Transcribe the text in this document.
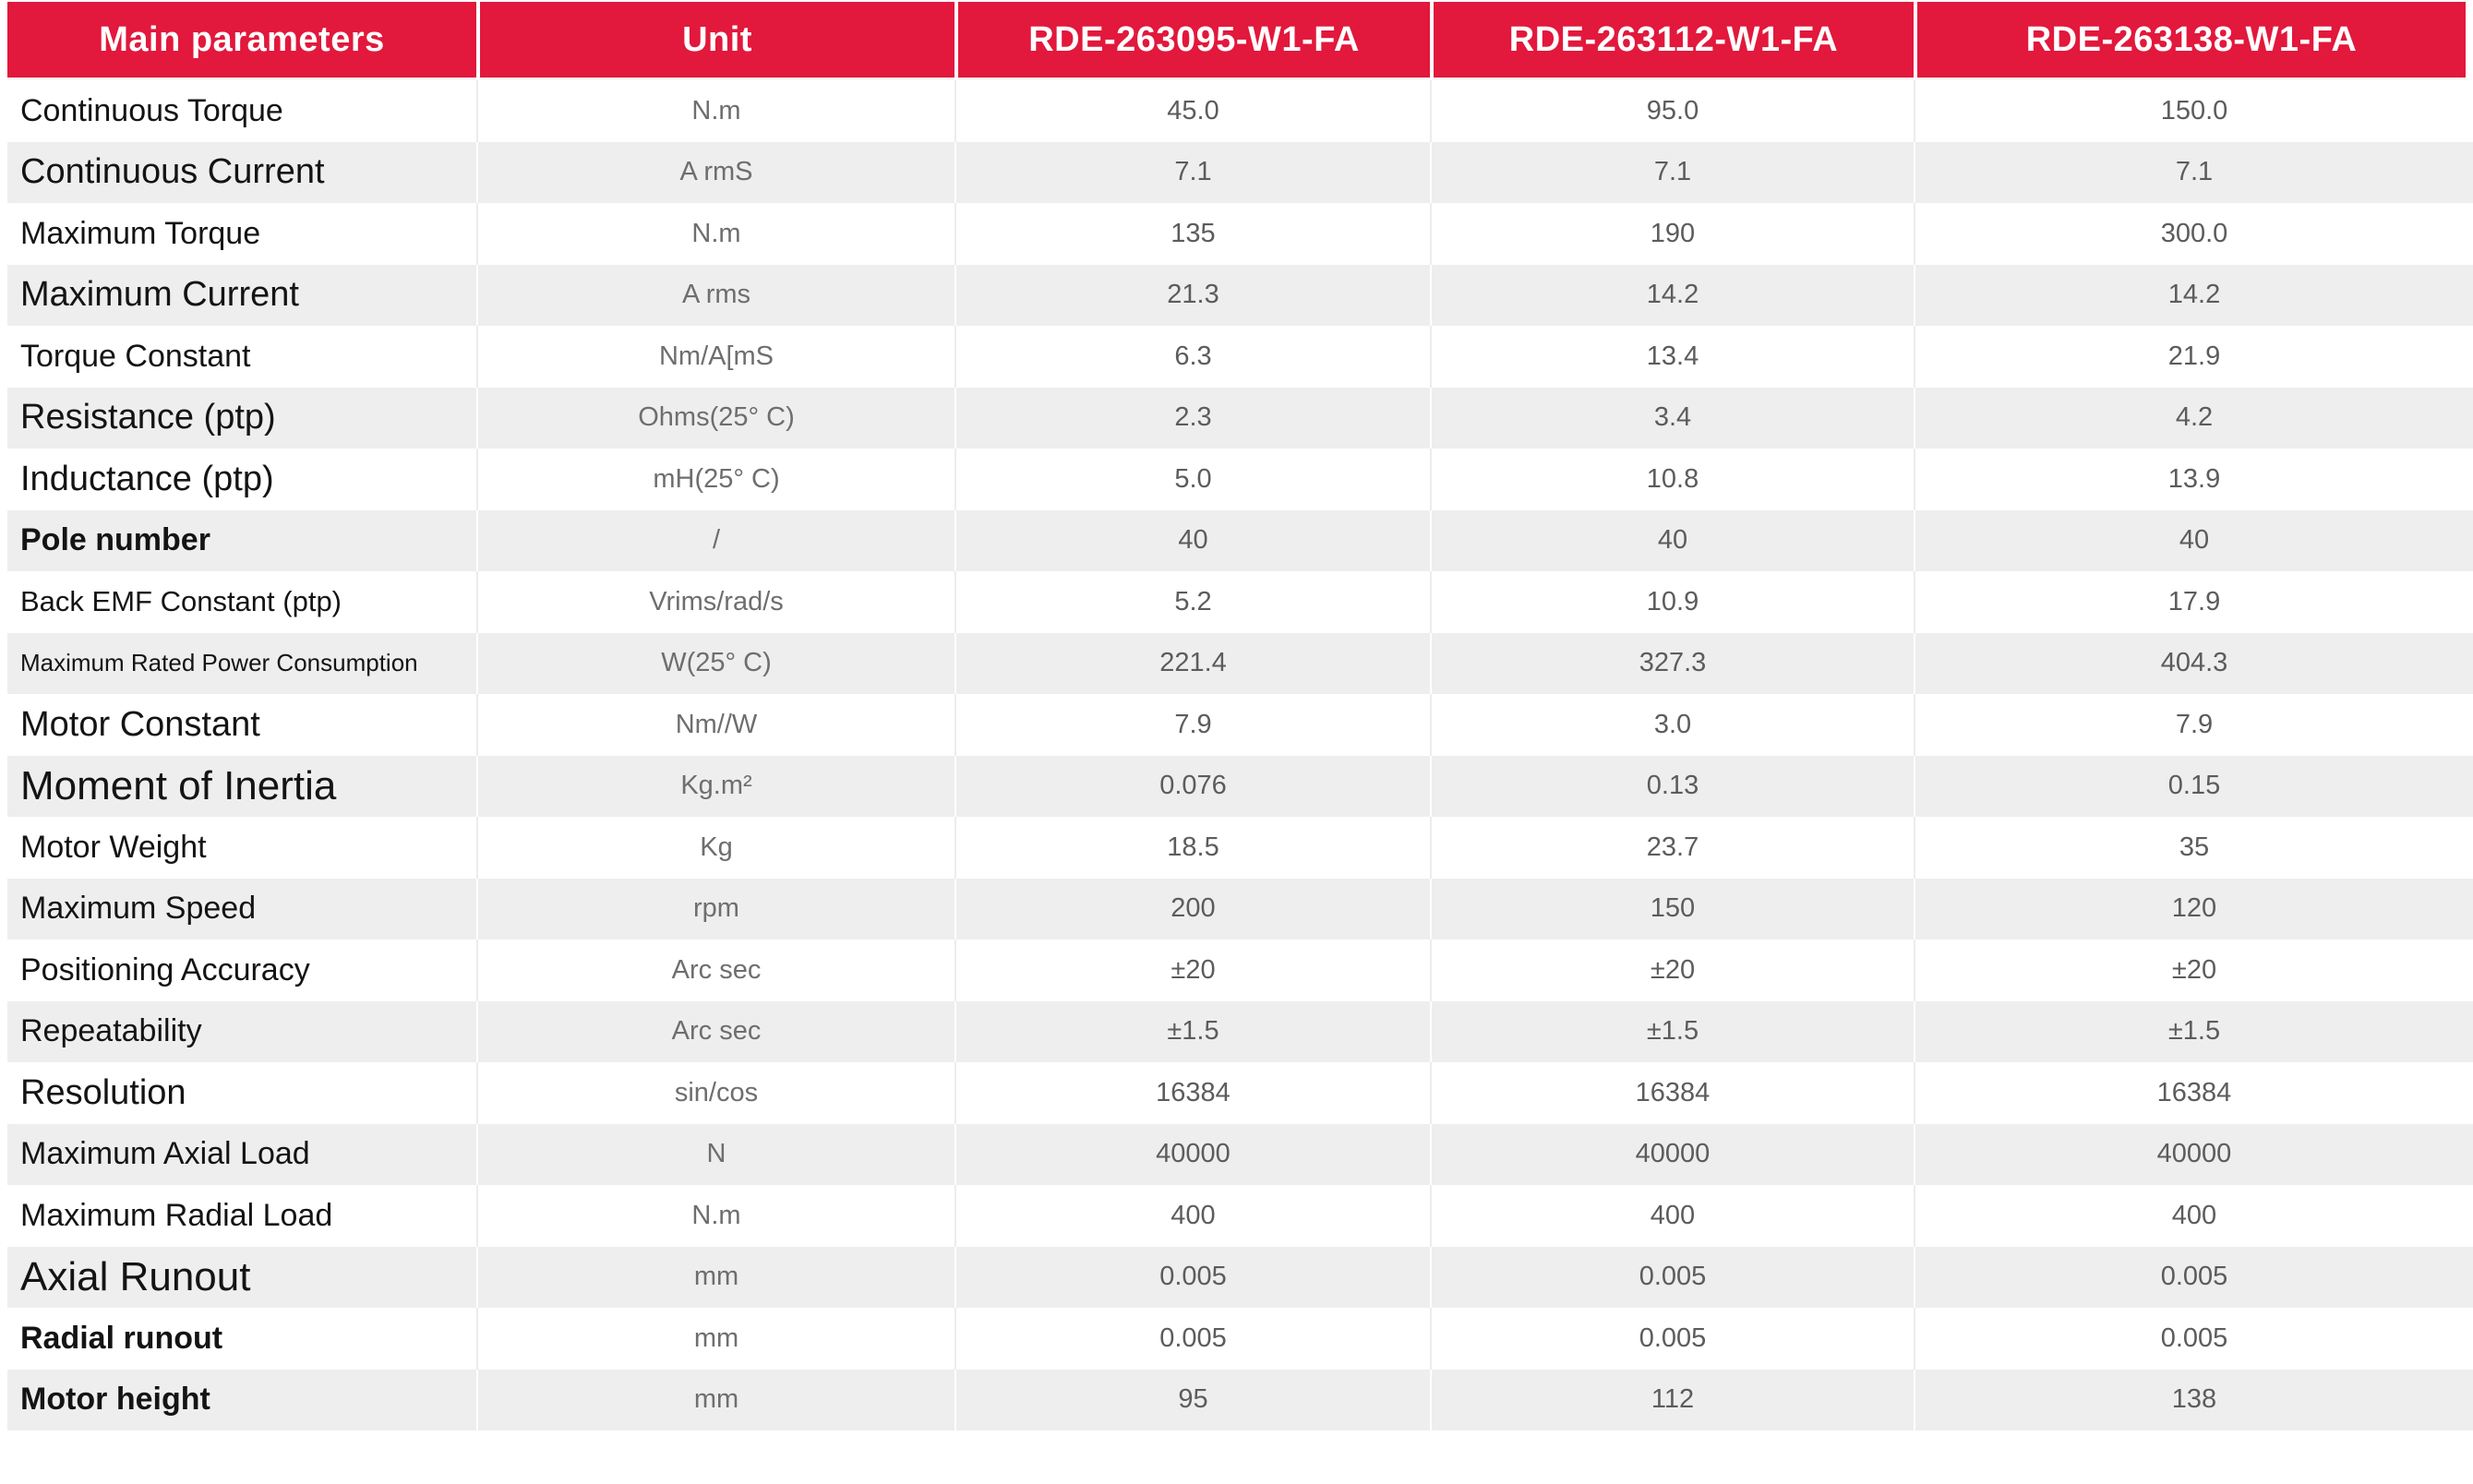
Main parameters	Unit	RDE-263095-W1-FA	RDE-263112-W1-FA	RDE-263138-W1-FA
Continuous Torque	N.m	45.0	95.0	150.0
Continuous Current	A rmS	7.1	7.1	7.1
Maximum Torque	N.m	135	190	300.0
Maximum Current	A rms	21.3	14.2	14.2
Torque Constant	Nm/A[mS	6.3	13.4	21.9
Resistance (ptp)	Ohms(25° C)	2.3	3.4	4.2
Inductance (ptp)	mH(25° C)	5.0	10.8	13.9
Pole number	/	40	40	40
Back EMF Constant (ptp)	Vrims/rad/s	5.2	10.9	17.9
Maximum Rated Power Consumption	W(25° C)	221.4	327.3	404.3
Motor Constant	Nm//W	7.9	3.0	7.9
Moment of Inertia	Kg.m²	0.076	0.13	0.15
Motor Weight	Kg	18.5	23.7	35
Maximum Speed	rpm	200	150	120
Positioning Accuracy	Arc sec	±20	±20	±20
Repeatability	Arc sec	±1.5	±1.5	±1.5
Resolution	sin/cos	16384	16384	16384
Maximum Axial Load	N	40000	40000	40000
Maximum Radial Load	N.m	400	400	400
Axial Runout	mm	0.005	0.005	0.005
Radial runout	mm	0.005	0.005	0.005
Motor height	mm	95	112	138
